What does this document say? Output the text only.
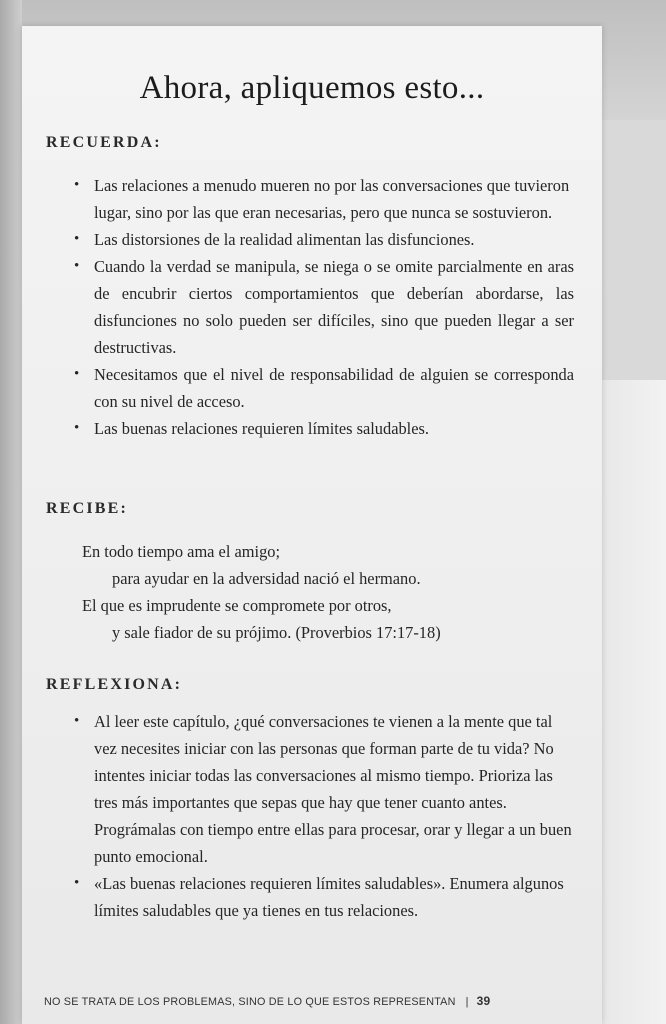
Ahora, apliquemos esto...
RECUERDA:
• Las relaciones a menudo mueren no por las conversaciones que tuvieron lugar, sino por las que eran necesarias, pero que nunca se sostuvieron.
• Las distorsiones de la realidad alimentan las disfunciones.
• Cuando la verdad se manipula, se niega o se omite parcialmente en aras de encubrir ciertos comportamientos que deberían abordarse, las disfunciones no solo pueden ser difíciles, sino que pueden llegar a ser destructivas.
• Necesitamos que el nivel de responsabilidad de alguien se corresponda con su nivel de acceso.
• Las buenas relaciones requieren límites saludables.
RECIBE:
En todo tiempo ama el amigo;
para ayudar en la adversidad nació el hermano.
El que es imprudente se compromete por otros,
y sale fiador de su prójimo. (Proverbios 17:17-18)
REFLEXIONA:
• Al leer este capítulo, ¿qué conversaciones te vienen a la mente que tal vez necesites iniciar con las personas que forman parte de tu vida? No intentes iniciar todas las conversaciones al mismo tiempo. Prioriza las tres más importantes que sepas que hay que tener cuanto antes. Prográmalas con tiempo entre ellas para procesar, orar y llegar a un buen punto emocional.
• «Las buenas relaciones requieren límites saludables». Enumera algunos límites saludables que ya tienes en tus relaciones.
NO SE TRATA DE LOS PROBLEMAS, SINO DE LO QUE ESTOS REPRESENTAN | 39
